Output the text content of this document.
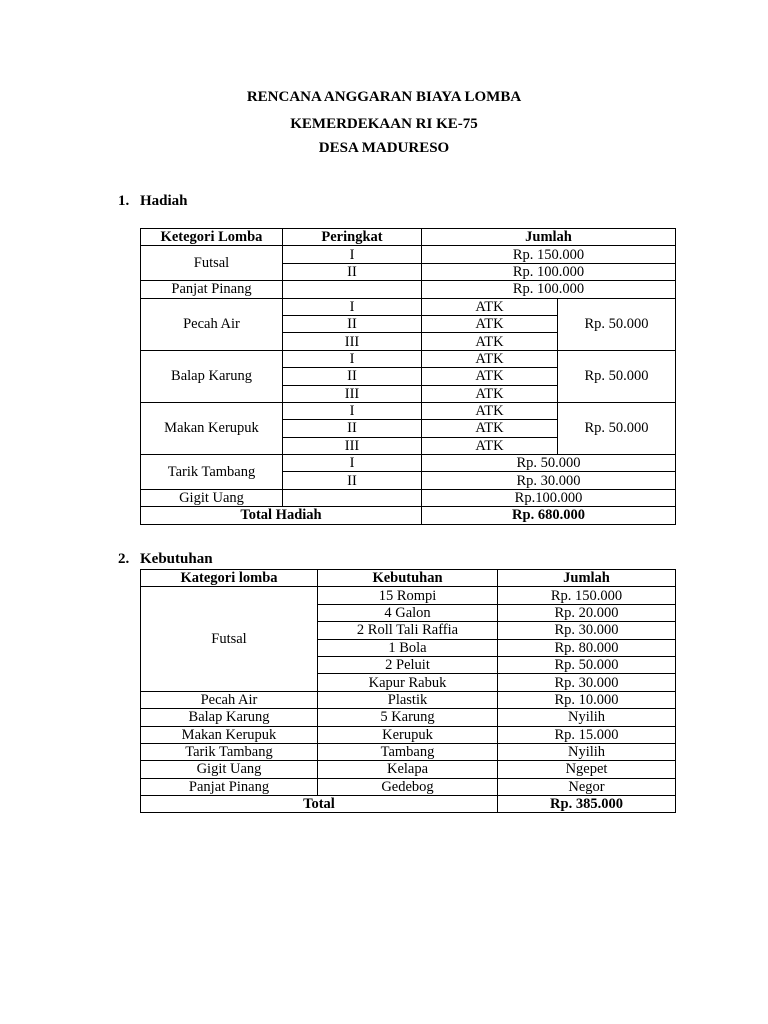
RENCANA ANGGARAN BIAYA LOMBA
KEMERDEKAAN RI KE-75
DESA MADURESO
1. Hadiah
Ketegori Lomba	Peringkat	Jumlah	
Futsal	I	Rp. 150.000	
	II	Rp. 100.000	
Panjat Pinang		Rp. 100.000	
Pecah Air	I	ATK	Rp. 50.000
	II	ATK	
	III	ATK	
Balap Karung	I	ATK	Rp. 50.000
	II	ATK	
	III	ATK	
Makan Kerupuk	I	ATK	Rp. 50.000
	II	ATK	
	III	ATK	
Tarik Tambang	I	Rp. 50.000	
	II	Rp. 30.000	
Gigit Uang		Rp.100.000	
Total Hadiah		Rp. 680.000	
2. Kebutuhan
Kategori lomba	Kebutuhan	Jumlah
Futsal	15 Rompi	Rp. 150.000
	4 Galon	Rp. 20.000
	2 Roll Tali Raffia	Rp. 30.000
	1 Bola	Rp. 80.000
	2 Peluit	Rp. 50.000
	Kapur Rabuk	Rp. 30.000
Pecah Air	Plastik	Rp. 10.000
Balap Karung	5 Karung	Nyilih
Makan Kerupuk	Kerupuk	Rp. 15.000
Tarik Tambang	Tambang	Nyilih
Gigit Uang	Kelapa	Ngepet
Panjat Pinang	Gedebog	Negor
Total		Rp. 385.000
